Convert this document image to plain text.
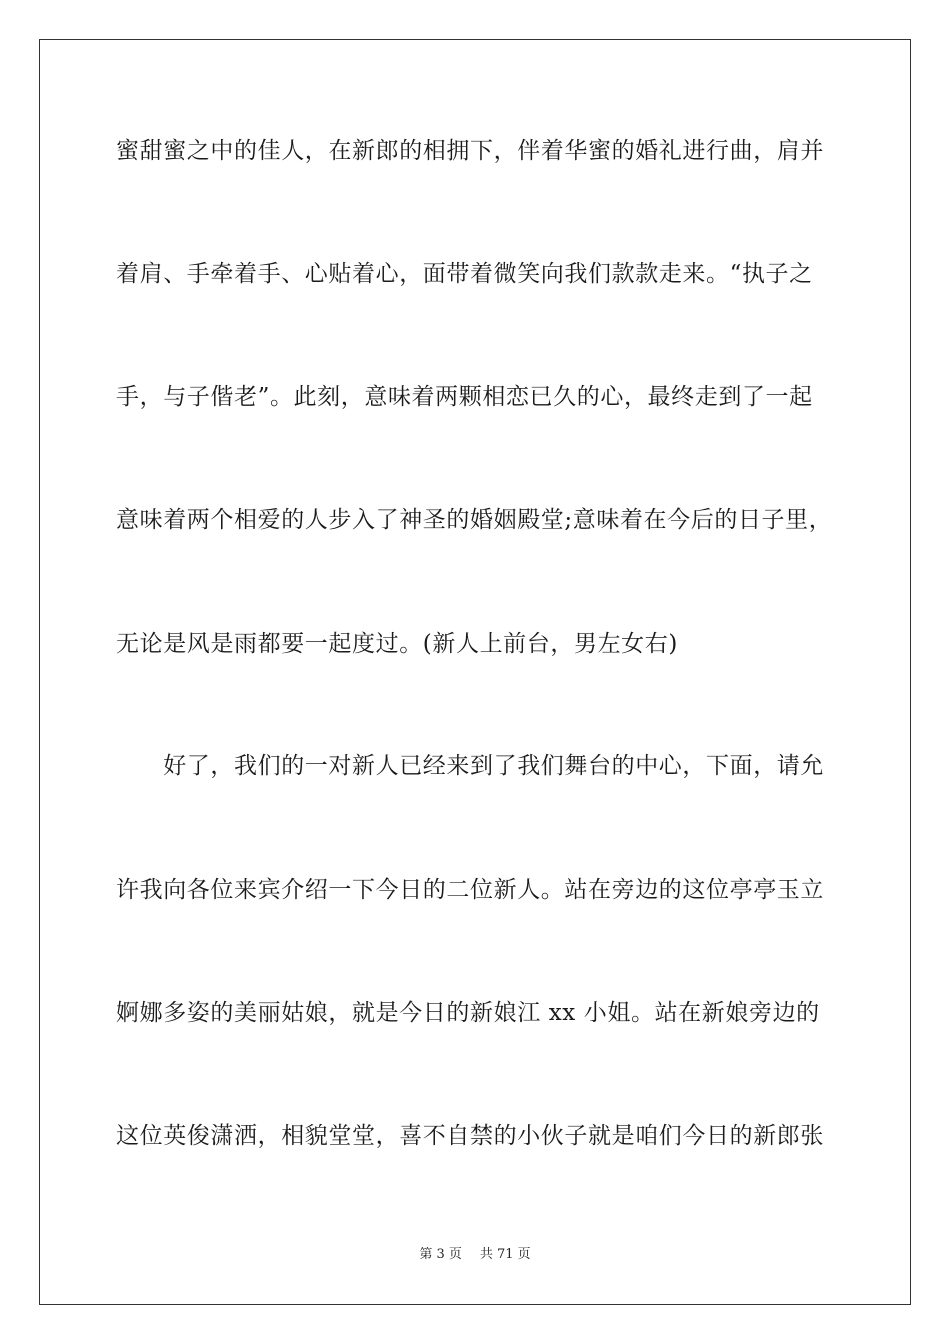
蜜甜蜜之中的佳人，在新郎的相拥下，伴着华蜜的婚礼进行曲，肩并
着肩、手牵着手、心贴着心，面带着微笑向我们款款走来。“执子之
手，与子偕老”。此刻，意味着两颗相恋已久的心，最终走到了一起
意味着两个相爱的人步入了神圣的婚姻殿堂;意味着在今后的日子里，
无论是风是雨都要一起度过。(新人上前台，男左女右)
　　好了，我们的一对新人已经来到了我们舞台的中心，下面，请允
许我向各位来宾介绍一下今日的二位新人。站在旁边的这位亭亭玉立
婀娜多姿的美丽姑娘，就是今日的新娘江 xx 小姐。站在新娘旁边的
这位英俊潇洒，相貌堂堂，喜不自禁的小伙子就是咱们今日的新郎张
第 3 页 共 71 页
